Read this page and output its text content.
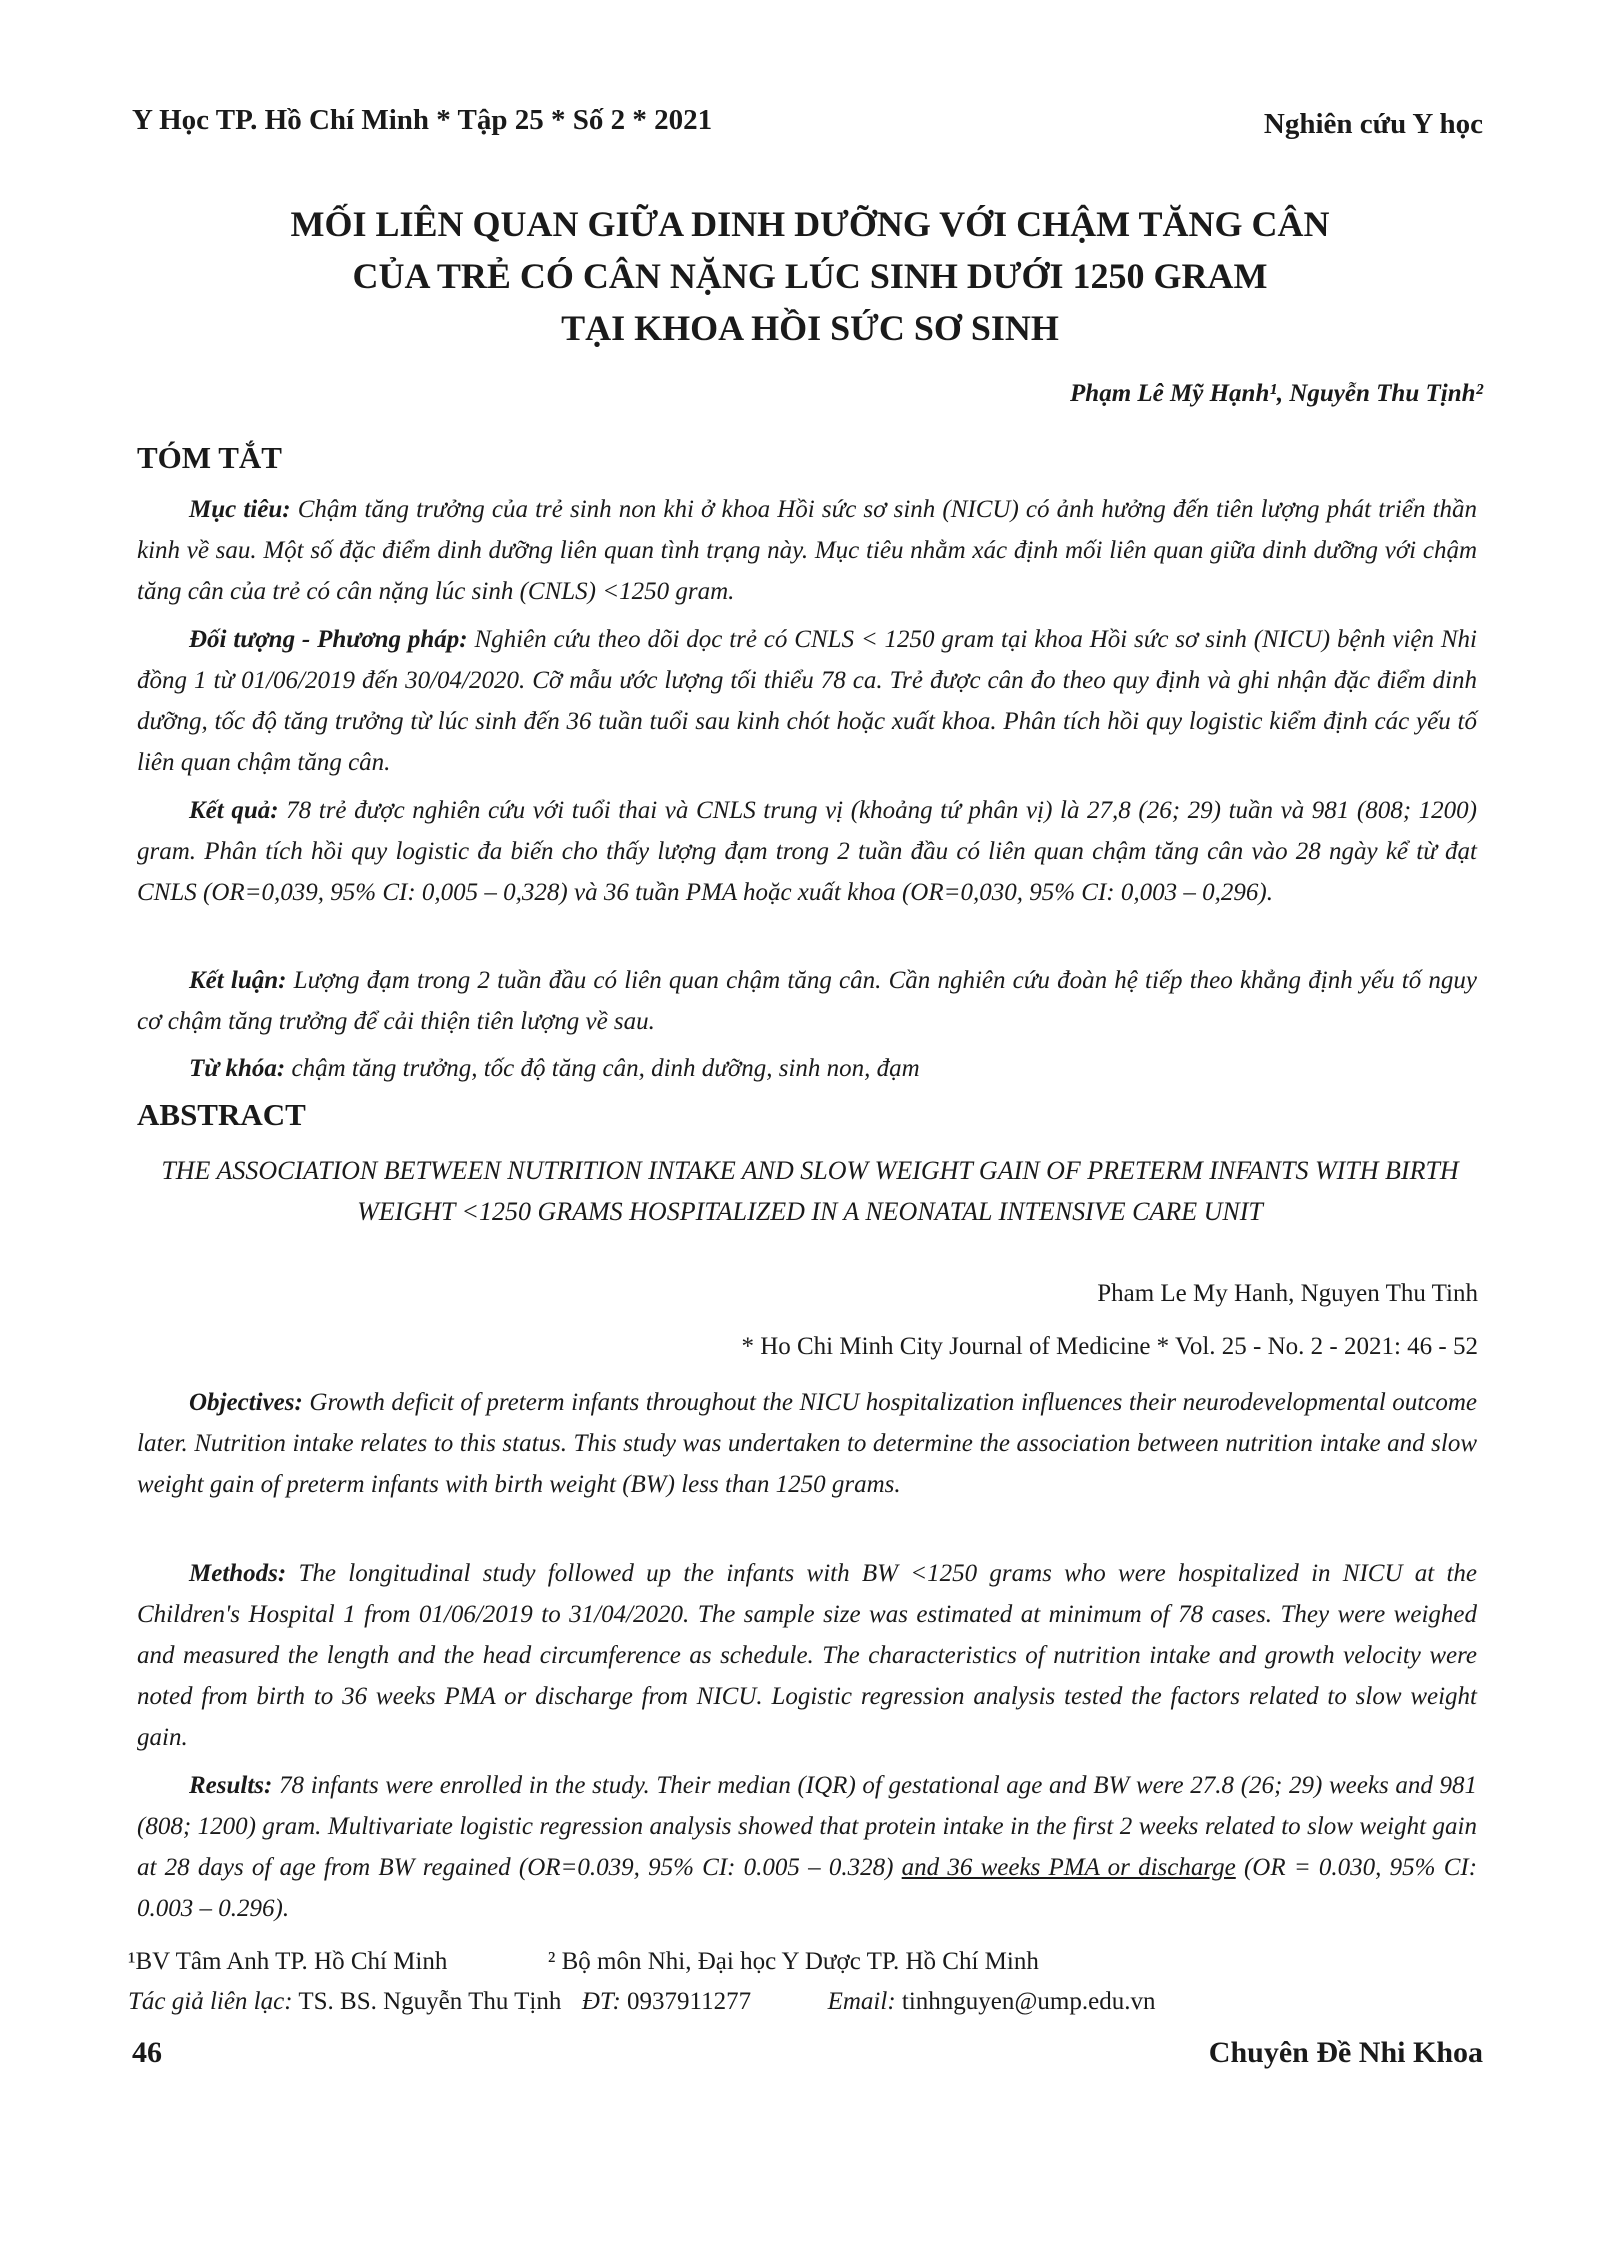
Y Học TP. Hồ Chí Minh * Tập 25 * Số 2 * 2021	Nghiên cứu Y học
MỐI LIÊN QUAN GIỮA DINH DƯỠNG VỚI CHẬM TĂNG CÂN
CỦA TRẺ CÓ CÂN NẶNG LÚC SINH DƯỚI 1250 GRAM
TẠI KHOA HỒI SỨC SƠ SINH
Phạm Lê Mỹ Hạnh¹, Nguyễn Thu Tịnh²
TÓM TẮT
Mục tiêu: Chậm tăng trưởng của trẻ sinh non khi ở khoa Hồi sức sơ sinh (NICU) có ảnh hưởng đến tiên lượng phát triển thần kinh về sau. Một số đặc điểm dinh dưỡng liên quan tình trạng này. Mục tiêu nhằm xác định mối liên quan giữa dinh dưỡng với chậm tăng cân của trẻ có cân nặng lúc sinh (CNLS) <1250 gram.
Đối tượng - Phương pháp: Nghiên cứu theo dõi dọc trẻ có CNLS < 1250 gram tại khoa Hồi sức sơ sinh (NICU) bệnh viện Nhi đồng 1 từ 01/06/2019 đến 30/04/2020. Cỡ mẫu ước lượng tối thiểu 78 ca. Trẻ được cân đo theo quy định và ghi nhận đặc điểm dinh dưỡng, tốc độ tăng trưởng từ lúc sinh đến 36 tuần tuổi sau kinh chót hoặc xuất khoa. Phân tích hồi quy logistic kiểm định các yếu tố liên quan chậm tăng cân.
Kết quả: 78 trẻ được nghiên cứu với tuổi thai và CNLS trung vị (khoảng tứ phân vị) là 27,8 (26; 29) tuần và 981 (808; 1200) gram. Phân tích hồi quy logistic đa biến cho thấy lượng đạm trong 2 tuần đầu có liên quan chậm tăng cân vào 28 ngày kể từ đạt CNLS (OR=0,039, 95% CI: 0,005 – 0,328) và 36 tuần PMA hoặc xuất khoa (OR=0,030, 95% CI: 0,003 – 0,296).
Kết luận: Lượng đạm trong 2 tuần đầu có liên quan chậm tăng cân. Cần nghiên cứu đoàn hệ tiếp theo khẳng định yếu tố nguy cơ chậm tăng trưởng để cải thiện tiên lượng về sau.
Từ khóa: chậm tăng trưởng, tốc độ tăng cân, dinh dưỡng, sinh non, đạm
ABSTRACT
THE ASSOCIATION BETWEEN NUTRITION INTAKE AND SLOW WEIGHT GAIN OF PRETERM INFANTS WITH BIRTH WEIGHT <1250 GRAMS HOSPITALIZED IN A NEONATAL INTENSIVE CARE UNIT
Pham Le My Hanh, Nguyen Thu Tinh
* Ho Chi Minh City Journal of Medicine * Vol. 25 - No. 2 - 2021: 46 - 52
Objectives: Growth deficit of preterm infants throughout the NICU hospitalization influences their neurodevelopmental outcome later. Nutrition intake relates to this status. This study was undertaken to determine the association between nutrition intake and slow weight gain of preterm infants with birth weight (BW) less than 1250 grams.
Methods: The longitudinal study followed up the infants with BW <1250 grams who were hospitalized in NICU at the Children's Hospital 1 from 01/06/2019 to 31/04/2020. The sample size was estimated at minimum of 78 cases. They were weighed and measured the length and the head circumference as schedule. The characteristics of nutrition intake and growth velocity were noted from birth to 36 weeks PMA or discharge from NICU. Logistic regression analysis tested the factors related to slow weight gain.
Results: 78 infants were enrolled in the study. Their median (IQR) of gestational age and BW were 27.8 (26; 29) weeks and 981 (808; 1200) gram. Multivariate logistic regression analysis showed that protein intake in the first 2 weeks related to slow weight gain at 28 days of age from BW regained (OR=0.039, 95% CI: 0.005 – 0.328) and 36 weeks PMA or discharge (OR = 0.030, 95% CI: 0.003 – 0.296).
¹BV Tâm Anh TP. Hồ Chí Minh	² Bộ môn Nhi, Đại học Y Dược TP. Hồ Chí Minh
Tác giả liên lạc: TS. BS. Nguyễn Thu Tịnh ĐT: 0937911277	Email: tinhnguyen@ump.edu.vn
46	Chuyên Đề Nhi Khoa
